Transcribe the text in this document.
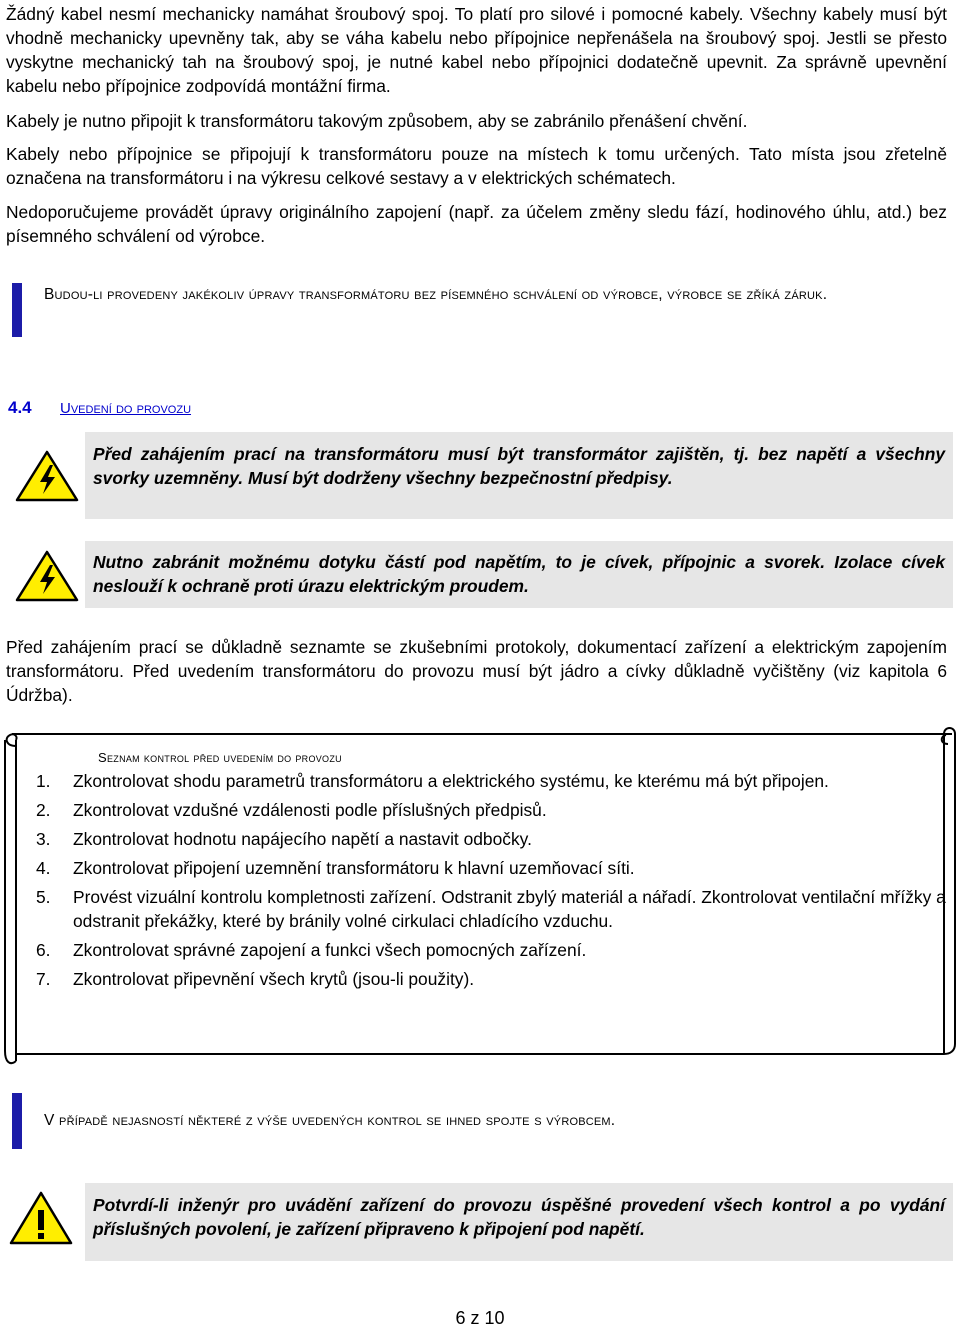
Žádný kabel nesmí mechanicky namáhat šroubový spoj. To platí pro silové i pomocné kabely. Všechny kabely musí být vhodně mechanicky upevněny tak, aby se váha kabelu nebo přípojnice nepřenášela na šroubový spoj. Jestli se přesto vyskytne mechanický tah na šroubový spoj, je nutné kabel nebo přípojnici dodatečně upevnit. Za správně upevnění kabelu nebo přípojnice zodpovídá montážní firma.

Kabely je nutno připojit k transformátoru takovým způsobem, aby se zabránilo přenášení chvění.

Kabely nebo přípojnice se připojují k transformátoru pouze na místech k tomu určených. Tato místa jsou zřetelně označena na transformátoru i na výkresu celkové sestavy a v elektrických schématech.

Nedoporučujeme provádět úpravy originálního zapojení (např. za účelem změny sledu fází, hodinového úhlu, atd.) bez písemného schválení od výrobce.

Budou-li provedeny jakékoliv úpravy transformátoru bez písemného schválení od výrobce, výrobce se zříká záruk.
4.4 Uvedení do provozu
Před zahájením prací na transformátoru musí být transformátor zajištěn, tj. bez napětí a všechny svorky uzemněny. Musí být dodrženy všechny bezpečnostní předpisy.
Nutno zabránit možnému dotyku částí pod napětím, to je cívek, přípojnic a svorek. Izolace cívek neslouží k ochraně proti úrazu elektrickým proudem.

Před zahájením prací se důkladně seznamte se zkušebními protokoly, dokumentací zařízení a elektrickým zapojením transformátoru. Před uvedením transformátoru do provozu musí být jádro a cívky důkladně vyčištěny (viz kapitola 6 Údržba).

Seznam kontrol před uvedením do provozu
1.	Zkontrolovat shodu parametrů transformátoru a elektrického systému, ke kterému má být připojen.
2.	Zkontrolovat vzdušné vzdálenosti podle příslušných předpisů.
3.	Zkontrolovat hodnotu napájecího napětí a nastavit odbočky.
4.	Zkontrolovat připojení uzemnění transformátoru k hlavní uzemňovací síti.
5.	Provést vizuální kontrolu kompletnosti zařízení. Odstranit zbylý materiál a nářadí. Zkontrolovat ventilační mřížky a odstranit překážky, které by bránily volné cirkulaci chladícího vzduchu.
6.	Zkontrolovat správné zapojení a funkci všech pomocných zařízení.
7.	Zkontrolovat připevnění všech krytů (jsou-li použity).
V případě nejasností některé z výše uvedených kontrol se ihned spojte s výrobcem.
Potvrdí-li inženýr pro uvádění zařízení do provozu úspěšné provedení všech kontrol a po vydání příslušných povolení, je zařízení připraveno k připojení pod napětí.
6 z 10
